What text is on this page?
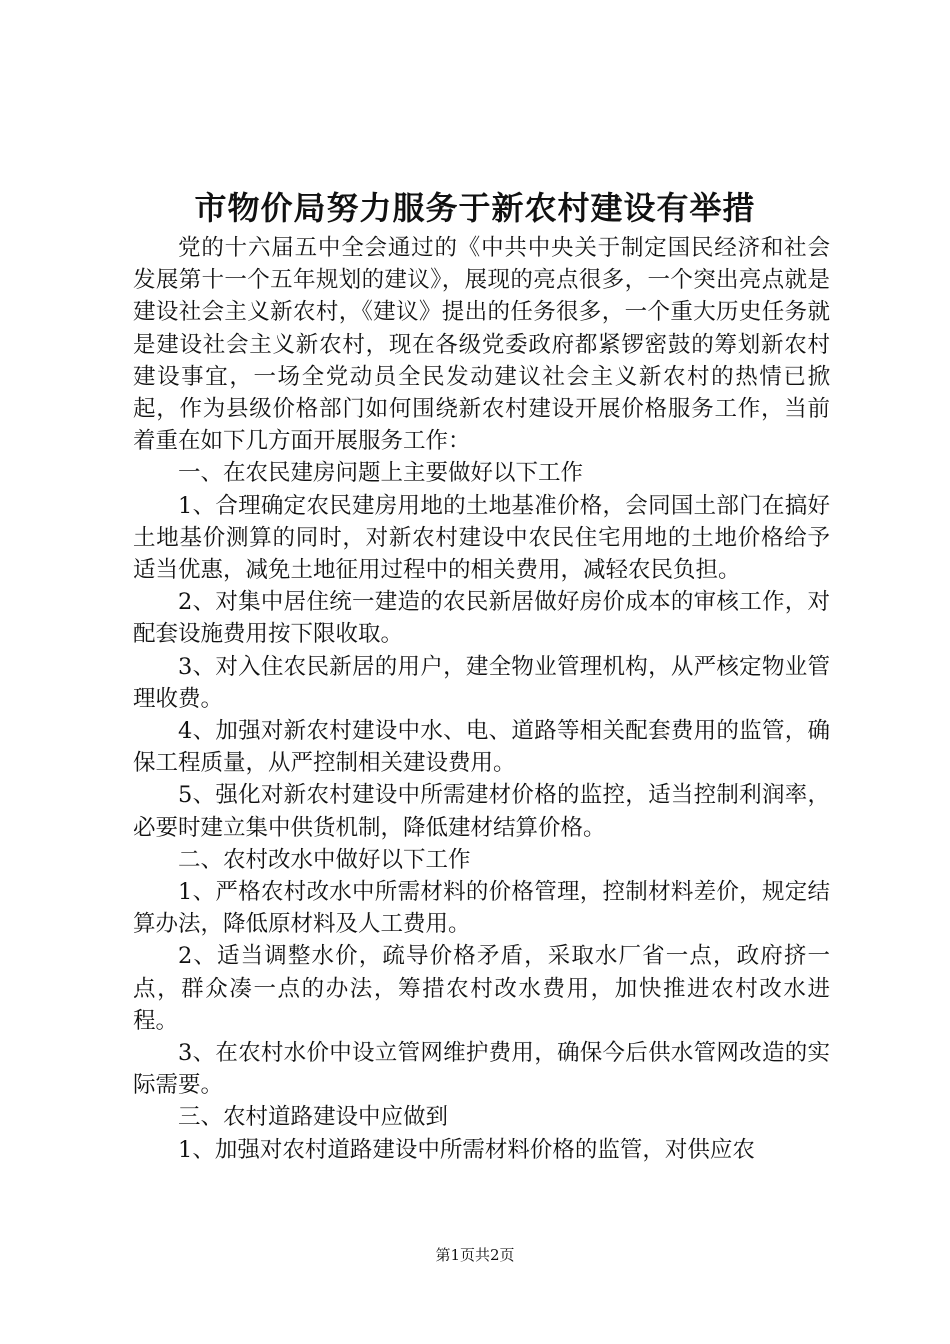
市物价局努力服务于新农村建设有举措

党的十六届五中全会通过的《中共中央关于制定国民经济和社会发展第十一个五年规划的建议》，展现的亮点很多，一个突出亮点就是建设社会主义新农村，《建议》提出的任务很多，一个重大历史任务就是建设社会主义新农村，现在各级党委政府都紧锣密鼓的筹划新农村建设事宜，一场全党动员全民发动建议社会主义新农村的热情已掀起，作为县级价格部门如何围绕新农村建设开展价格服务工作，当前着重在如下几方面开展服务工作：

一、在农民建房问题上主要做好以下工作

1、合理确定农民建房用地的土地基准价格，会同国土部门在搞好土地基价测算的同时，对新农村建设中农民住宅用地的土地价格给予适当优惠，减免土地征用过程中的相关费用，减轻农民负担。

2、对集中居住统一建造的农民新居做好房价成本的审核工作，对配套设施费用按下限收取。

3、对入住农民新居的用户，建全物业管理机构，从严核定物业管理收费。

4、加强对新农村建设中水、电、道路等相关配套费用的监管，确保工程质量，从严控制相关建设费用。

5、强化对新农村建设中所需建材价格的监控，适当控制利润率，必要时建立集中供货机制，降低建材结算价格。

二、农村改水中做好以下工作

1、严格农村改水中所需材料的价格管理，控制材料差价，规定结算办法，降低原材料及人工费用。

2、适当调整水价，疏导价格矛盾，采取水厂省一点，政府挤一点，群众凑一点的办法，筹措农村改水费用，加快推进农村改水进程。

3、在农村水价中设立管网维护费用，确保今后供水管网改造的实际需要。

三、农村道路建设中应做到

1、加强对农村道路建设中所需材料价格的监管，对供应农

第1页共2页
